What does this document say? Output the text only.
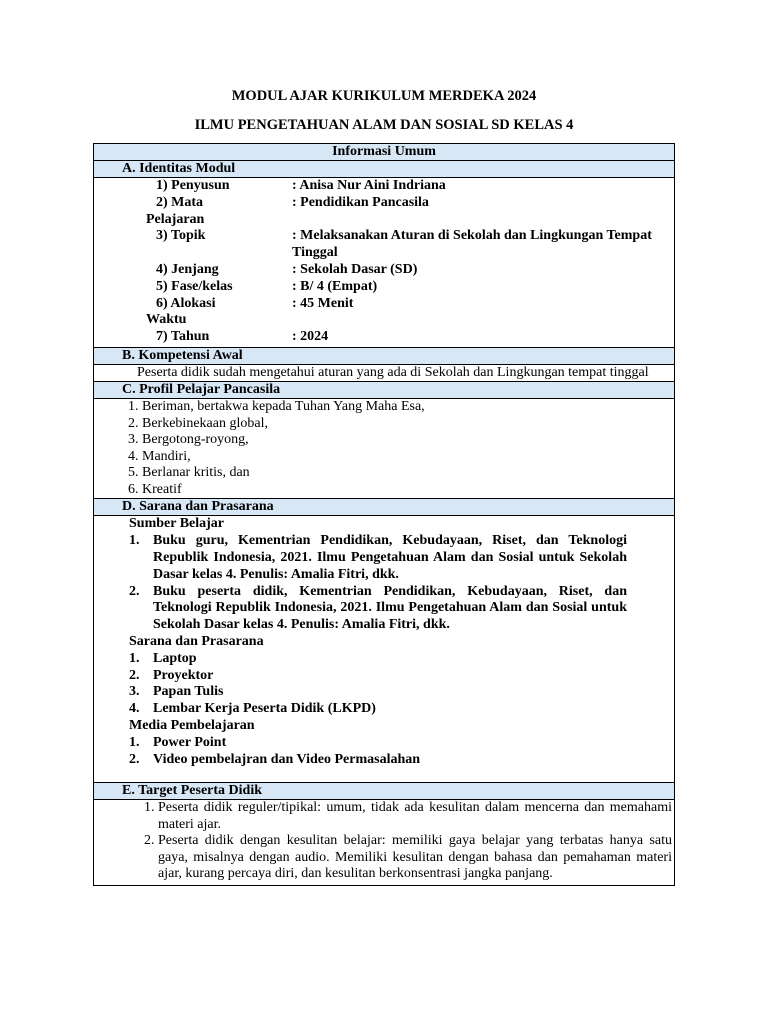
MODUL AJAR KURIKULUM MERDEKA 2024
ILMU PENGETAHUAN ALAM DAN SOSIAL SD KELAS 4
Informasi Umum
A. Identitas Modul
1) Penyusun	: Anisa Nur Aini Indriana
2) Mata	: Pendidikan Pancasila
Pelajaran
3) Topik	: Melaksanakan Aturan di Sekolah dan Lingkungan Tempat Tinggal
4) Jenjang	: Sekolah Dasar (SD)
5) Fase/kelas	: B/ 4 (Empat)
6) Alokasi	: 45 Menit
Waktu
7) Tahun	: 2024
B. Kompetensi Awal
Peserta didik sudah mengetahui aturan yang ada di Sekolah dan Lingkungan tempat tinggal
C. Profil Pelajar Pancasila
1. Beriman, bertakwa kepada Tuhan Yang Maha Esa,
2. Berkebinekaan global,
3. Bergotong-royong,
4. Mandiri,
5. Berlanar kritis, dan
6. Kreatif
D. Sarana dan Prasarana
Sumber Belajar
1. Buku guru, Kementrian Pendidikan, Kebudayaan, Riset, dan Teknologi Republik Indonesia, 2021. Ilmu Pengetahuan Alam dan Sosial untuk Sekolah Dasar kelas 4. Penulis: Amalia Fitri, dkk.
2. Buku peserta didik, Kementrian Pendidikan, Kebudayaan, Riset, dan Teknologi Republik Indonesia, 2021. Ilmu Pengetahuan Alam dan Sosial untuk Sekolah Dasar kelas 4. Penulis: Amalia Fitri, dkk.
Sarana dan Prasarana
1. Laptop
2. Proyektor
3. Papan Tulis
4. Lembar Kerja Peserta Didik (LKPD)
Media Pembelajaran
1. Power Point
2. Video pembelajran dan Video Permasalahan
E. Target Peserta Didik
1. Peserta didik reguler/tipikal: umum, tidak ada kesulitan dalam mencerna dan memahami materi ajar.
2. Peserta didik dengan kesulitan belajar: memiliki gaya belajar yang terbatas hanya satu gaya, misalnya dengan audio. Memiliki kesulitan dengan bahasa dan pemahaman materi ajar, kurang percaya diri, dan kesulitan berkonsentrasi jangka panjang.
